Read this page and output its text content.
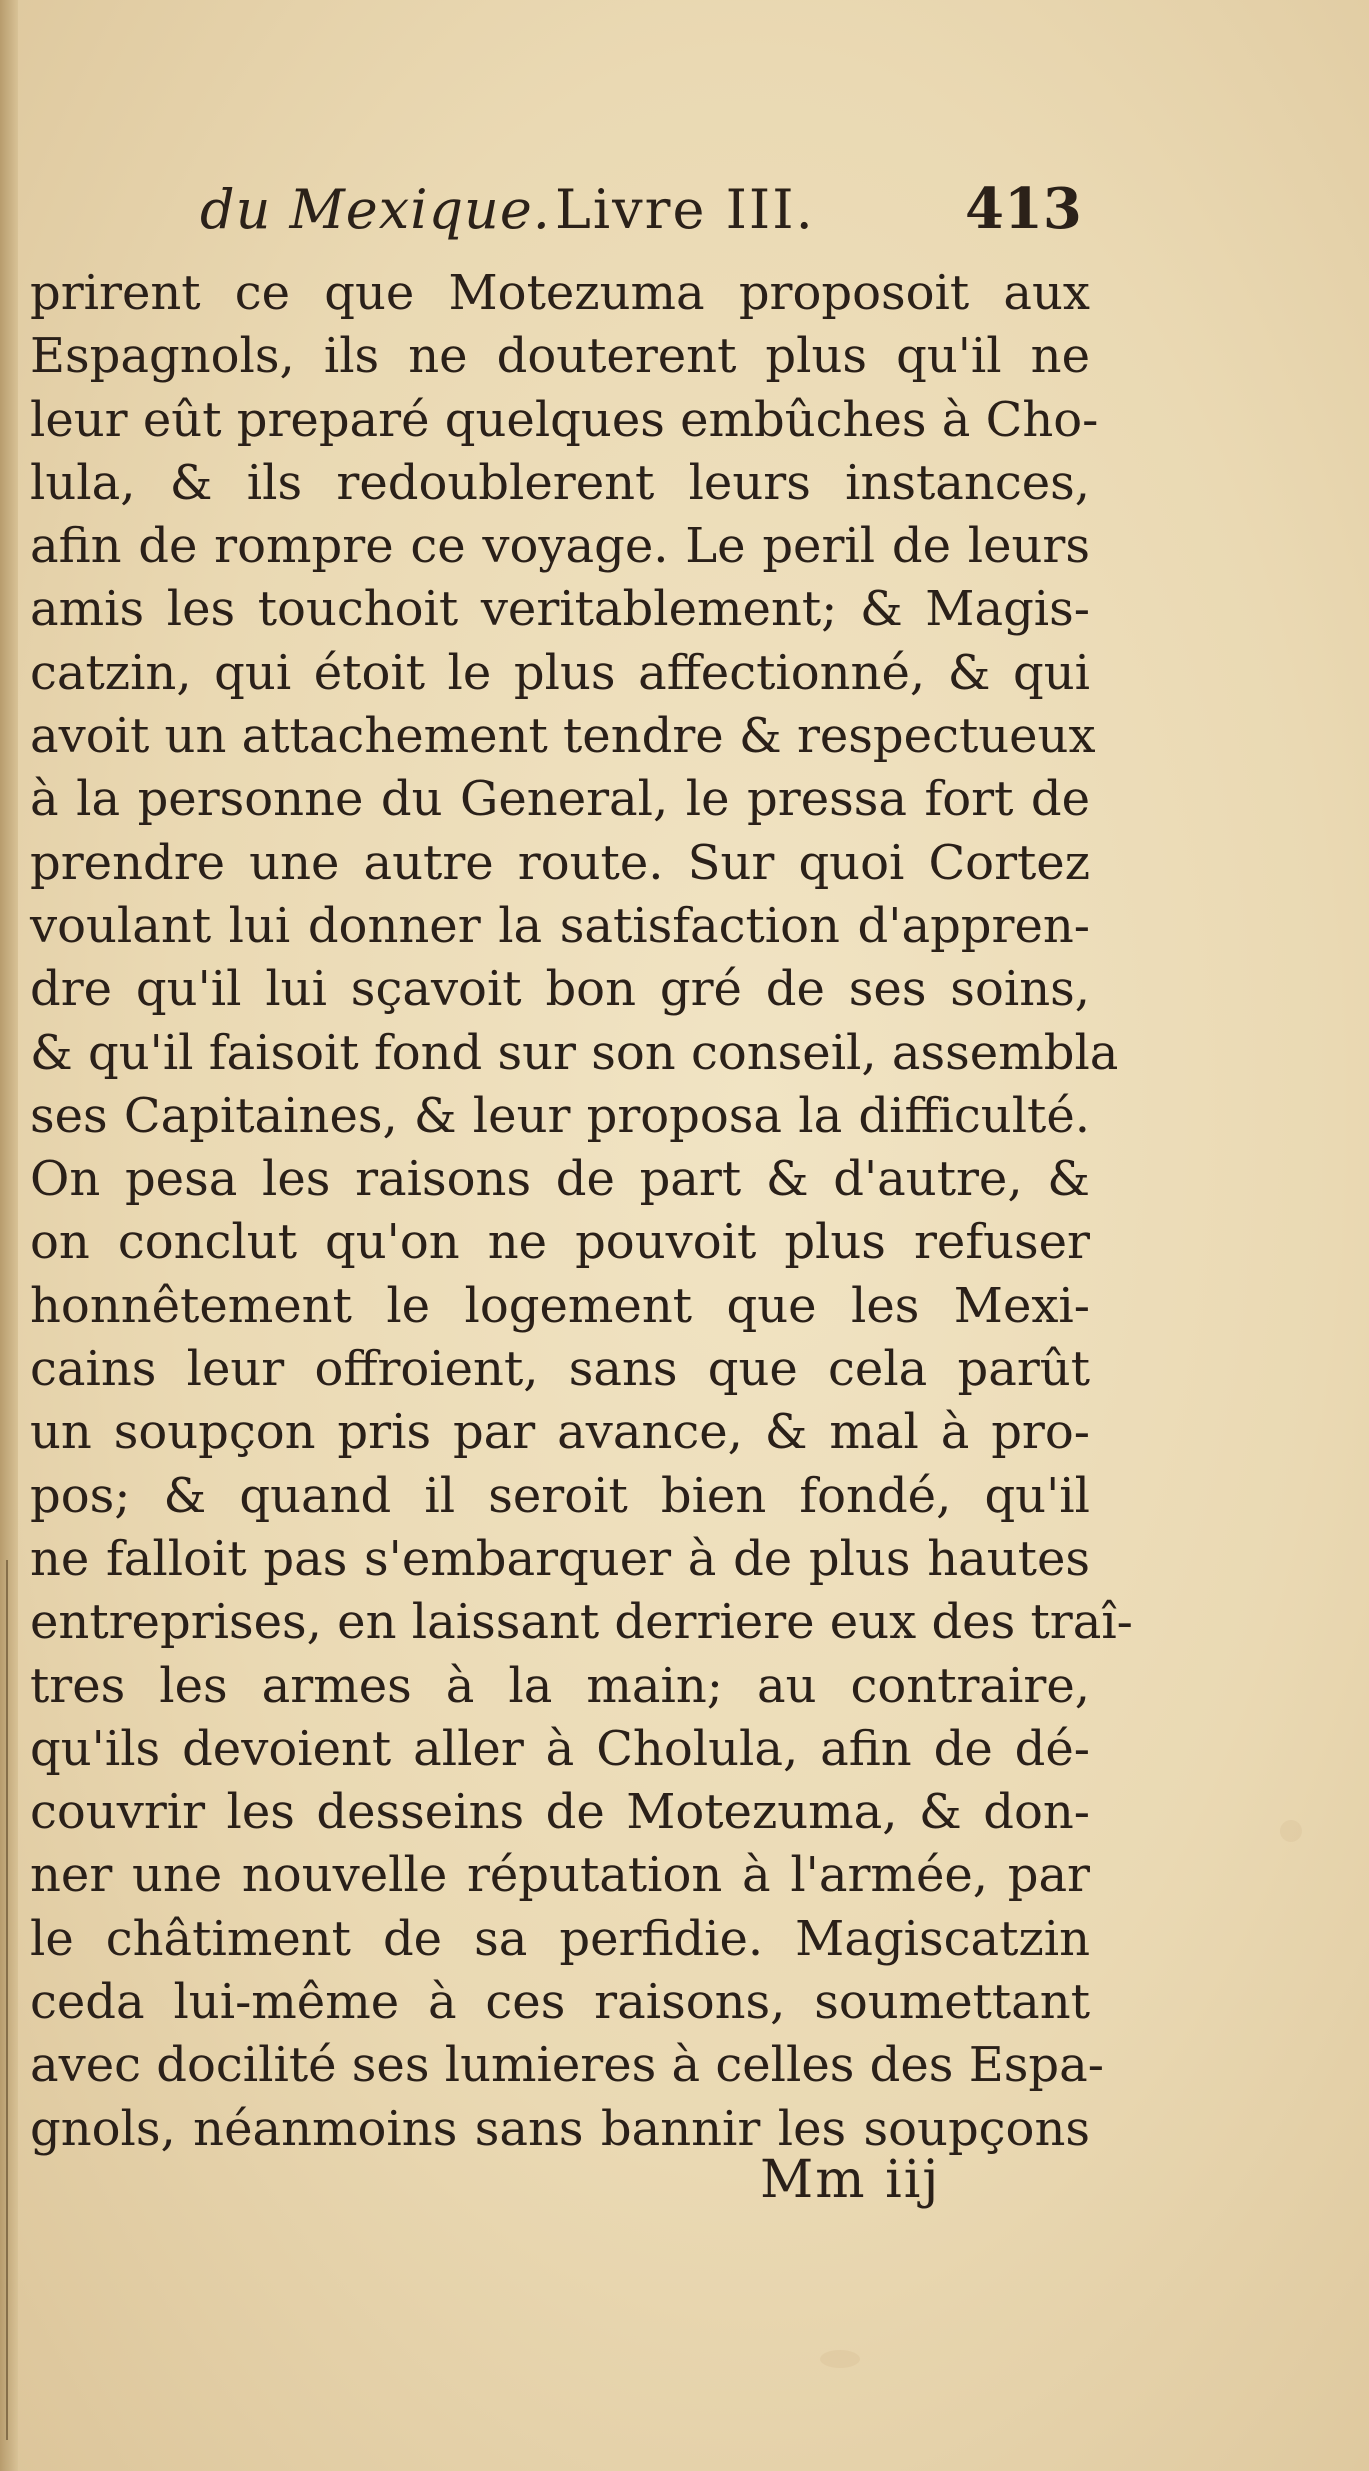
du Mexique. Livre III.	413
prirent ce que Motezuma proposoit aux
Espagnols, ils ne douterent plus qu'il ne
leur eût preparé quelques embûches à Cho-
lula, & ils redoublerent leurs instances,
afin de rompre ce voyage. Le peril de leurs
amis les touchoit veritablement; & Magis-
catzin, qui étoit le plus affectionné, & qui
avoit un attachement tendre & respectueux
à la personne du General, le pressa fort de
prendre une autre route. Sur quoi Cortez
voulant lui donner la satisfaction d'appren-
dre qu'il lui sçavoit bon gré de ses soins,
& qu'il faisoit fond sur son conseil, assembla
ses Capitaines, & leur proposa la difficulté.
On pesa les raisons de part & d'autre, &
on conclut qu'on ne pouvoit plus refuser
honnêtement le logement que les Mexi-
cains leur offroient, sans que cela parût
un soupçon pris par avance, & mal à pro-
pos; & quand il seroit bien fondé, qu'il
ne falloit pas s'embarquer à de plus hautes
entreprises, en laissant derriere eux des traî-
tres les armes à la main; au contraire,
qu'ils devoient aller à Cholula, afin de dé-
couvrir les desseins de Motezuma, & don-
ner une nouvelle réputation à l'armée, par
le châtiment de sa perfidie. Magiscatzin
ceda lui-même à ces raisons, soumettant
avec docilité ses lumieres à celles des Espa-
gnols, néanmoins sans bannir les soupçons
Mm iij
